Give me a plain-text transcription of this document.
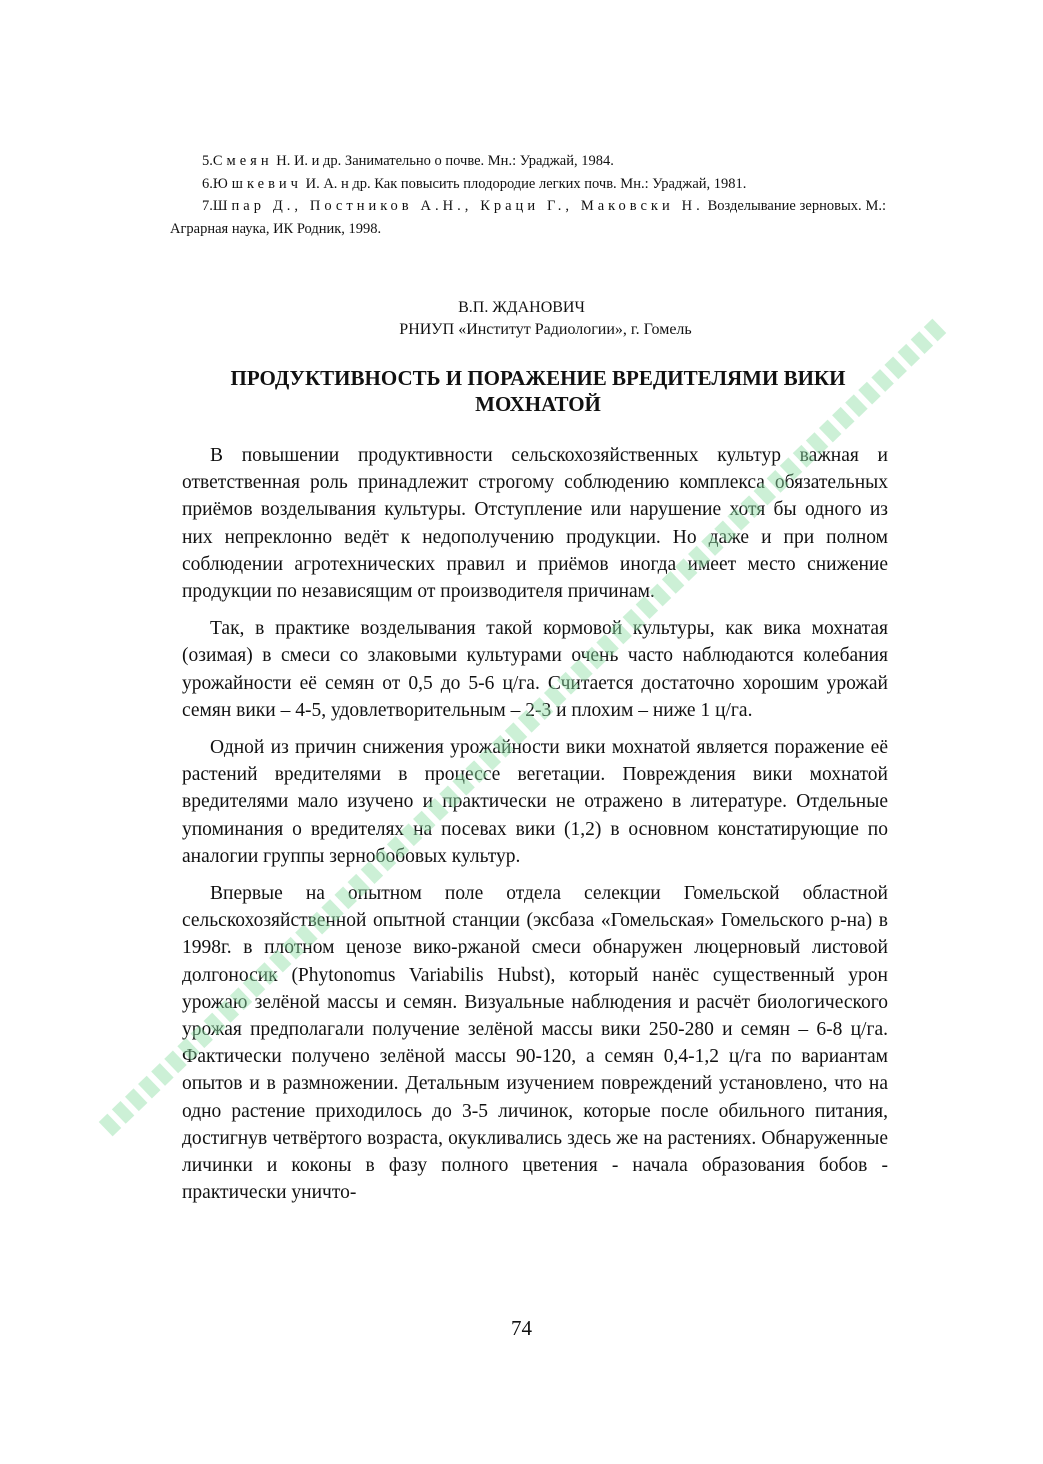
5.Смеян Н. И. и др. Занимательно о почве. Мн.: Ураджай, 1984.

6.Юшкевич И. А. н др. Как повысить плодородие легких почв. Мн.: Ураджай, 1981.

7.Шпар Д., Постников А.Н., Краци Г., Маковски Н. Возделывание зерновых. М.: Аграрная наука, ИК Родник, 1998.

В.П. ЖДАНОВИЧ
РНИУП «Институт Радиологии», г. Гомель
ПРОДУКТИВНОСТЬ И ПОРАЖЕНИЕ ВРЕДИТЕЛЯМИ ВИКИ
МОХНАТОЙ

В повышении продуктивности сельскохозяйственных культур важная и ответственная роль принадлежит строгому соблюдению комплекса обязательных приёмов возделывания культуры. Отступление или нарушение хотя бы одного из них непреклонно ведёт к недополучению продукции. Но даже и при полном соблюдении агротехнических правил и приёмов иногда имеет место снижение продукции по независящим от производителя причинам.

Так, в практике возделывания такой кормовой культуры, как вика мохнатая (озимая) в смеси со злаковыми культурами очень часто наблюдаются колебания урожайности её семян от 0,5 до 5-6 ц/га. Считается достаточно хорошим урожай семян вики – 4-5, удовлетворительным – 2-3 и плохим – ниже 1 ц/га.

Одной из причин снижения урожайности вики мохнатой является поражение её растений вредителями в процессе вегетации. Повреждения вики мохнатой вредителями мало изучено и практически не отражено в литературе. Отдельные упоминания о вредителях на посевах вики (1,2) в основном констатирующие по аналогии группы зернобобовых культур.

Впервые на опытном поле отдела селекции Гомельской областной сельскохозяйственной опытной станции (эксбаза «Гомельская» Гомельского р-на) в 1998г. в плотном ценозе вико-ржаной смеси обнаружен люцерновый листовой долгоносик (Phytonomus Variabilis Hubst), который нанёс существенный урон урожаю зелёной массы и семян. Визуальные наблюдения и расчёт биологического урожая предполагали получение зелёной массы вики 250-280 и семян – 6-8 ц/га. Фактически получено зелёной массы 90-120, а семян 0,4-1,2 ц/га по вариантам опытов и в размножении. Детальным изучением повреждений установлено, что на одно растение приходилось до 3-5 личинок, которые после обильного питания, достигнув четвёртого возраста, окукливались здесь же на растениях. Обнаруженные личинки и коконы в фазу полного цветения - начала образования бобов - практически уничто-

74
